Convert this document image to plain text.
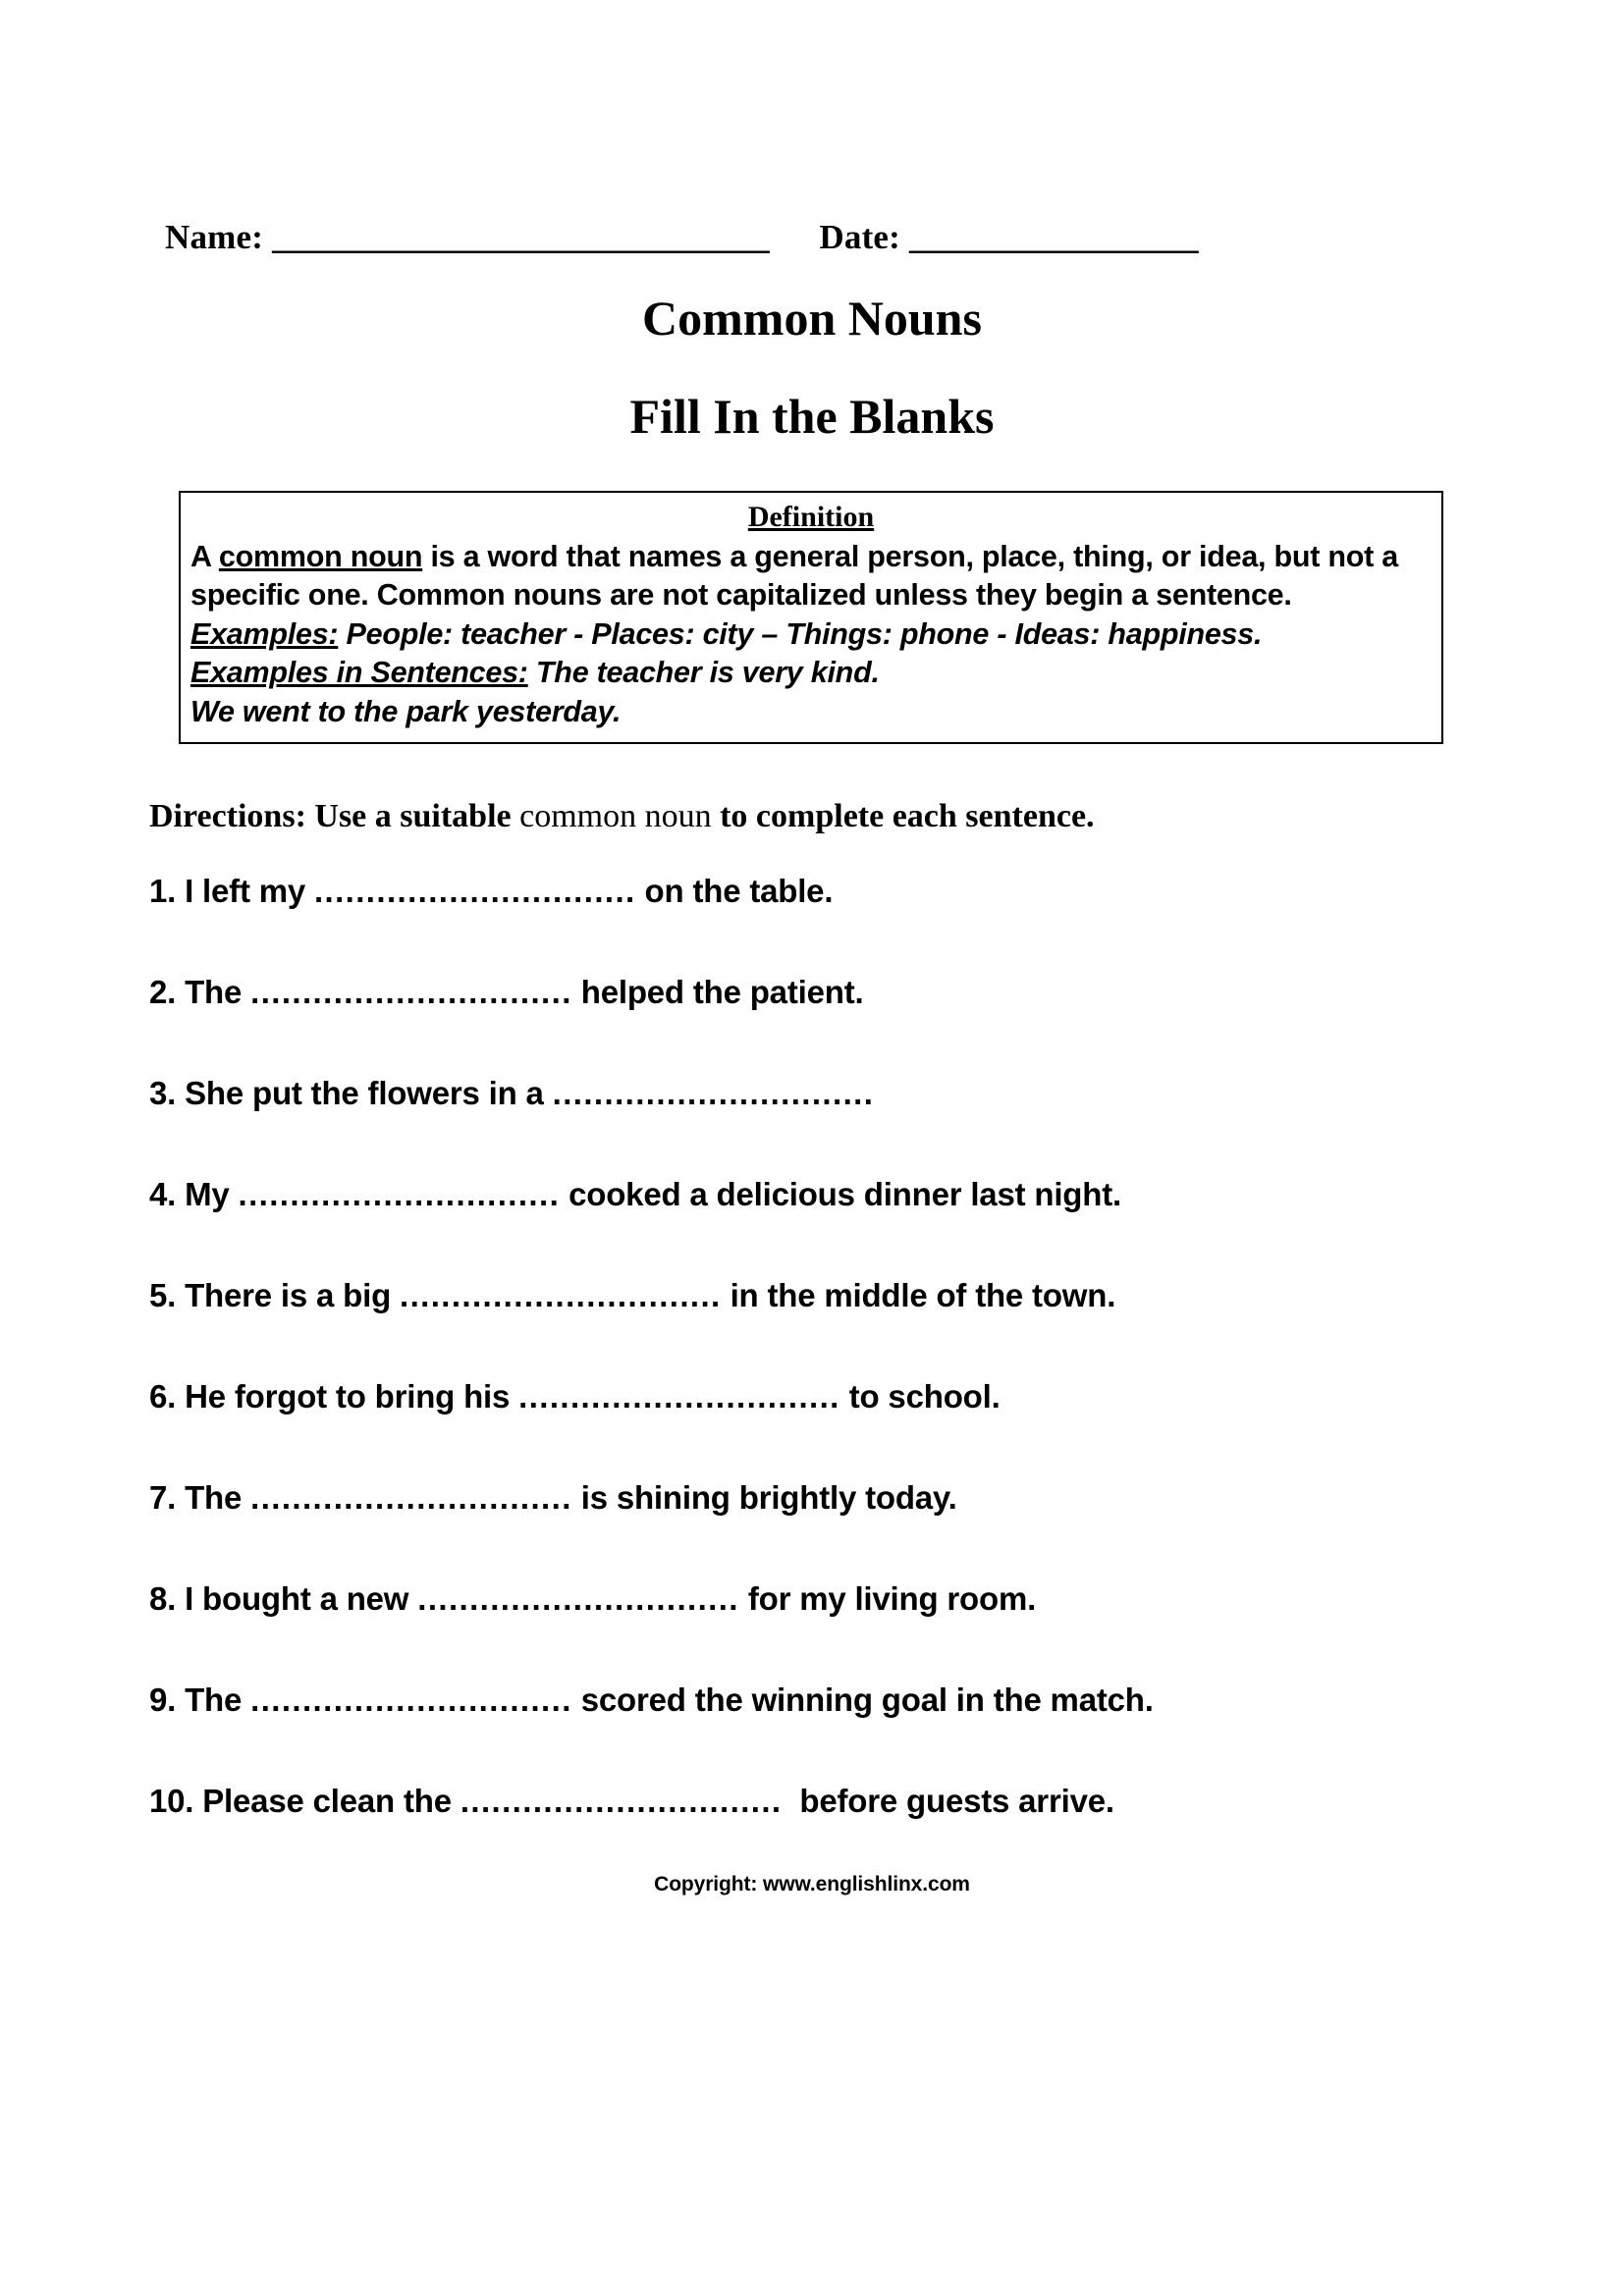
Name: _______________________________ Date: __________________
Common Nouns
Fill In the Blanks
Definition
A common noun is a word that names a general person, place, thing, or idea, but not a specific one. Common nouns are not capitalized unless they begin a sentence.
Examples: People: teacher - Places: city – Things: phone - Ideas: happiness.
Examples in Sentences: The teacher is very kind.
We went to the park yesterday.
Directions: Use a suitable common noun to complete each sentence.
1. I left my ............................... on the table.
2. The ............................... helped the patient.
3. She put the flowers in a ...............................
4. My ............................... cooked a delicious dinner last night.
5. There is a big ............................... in the middle of the town.
6. He forgot to bring his ............................... to school.
7. The ............................... is shining brightly today.
8. I bought a new ............................... for my living room.
9. The ............................... scored the winning goal in the match.
10. Please clean the ...............................  before guests arrive.
Copyright: www.englishlinx.com
